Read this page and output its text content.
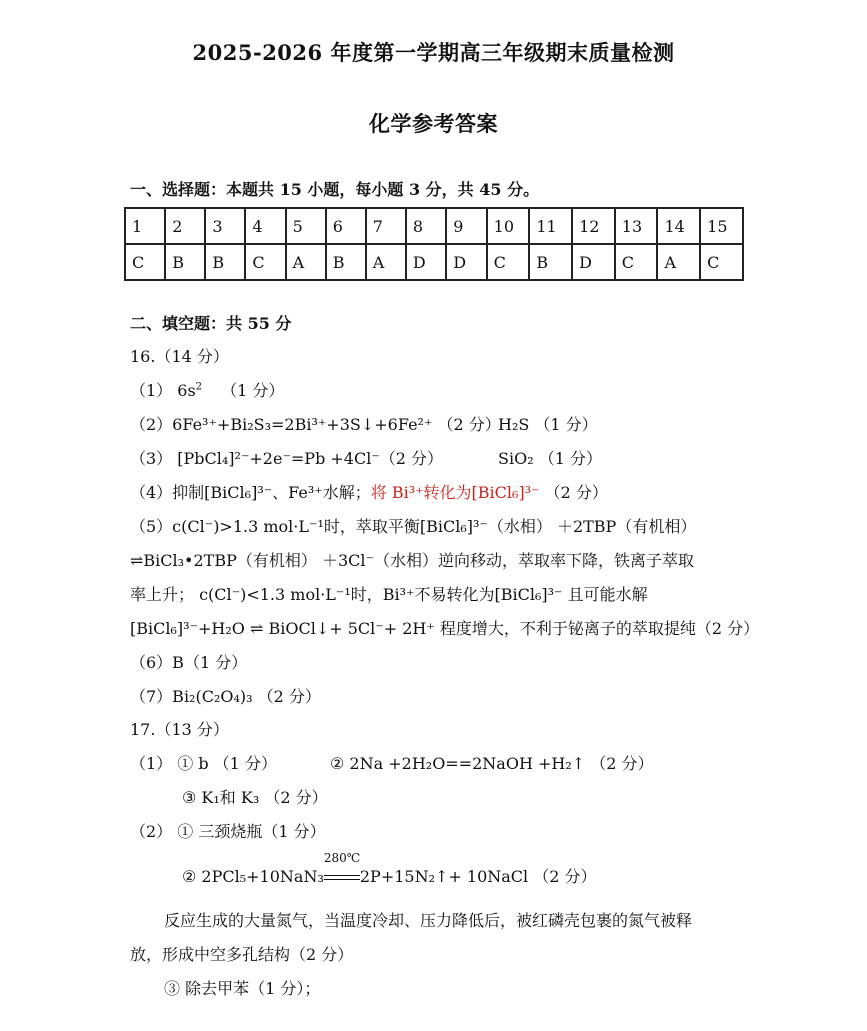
2025-2026 年度第一学期高三年级期末质量检测
化学参考答案
一、选择题：本题共 15 小题，每小题 3 分，共 45 分。
1	2	3	4	5	6	7	8	9	10	11	12	13	14	15
C	B	B	C	A	B	A	D	D	C	B	D	C	A	C
二、填空题：共 55 分
16.（14 分）
（1） $6s^2$ （1 分）
（2）6Fe³⁺+Bi₂S₃=2Bi³⁺+3S↓+6Fe²⁺ （2 分）
H₂S （1 分）
（3） [PbCl₄]²⁻+2e⁻=Pb +4Cl⁻（2 分）	SiO₂ （1 分）
（4）抑制[BiCl₆]³⁻、Fe³⁺水解；将 Bi³⁺转化为[BiCl₆]³⁻ （2 分）
（5）c(Cl⁻)>1.3 mol·L⁻¹时，萃取平衡[BiCl₆]³⁻（水相） ＋2TBP（有机相）
⇌BiCl₃•2TBP（有机相） ＋3Cl⁻（水相）逆向移动，萃取率下降，铁离子萃取
率上升； c(Cl⁻)<1.3 mol·L⁻¹时，Bi³⁺不易转化为[BiCl₆]³⁻ 且可能水解
[BiCl₆]³⁻+H₂O ⇌ BiOCl↓+ 5Cl⁻+ 2H⁺ 程度增大，不利于铋离子的萃取提纯（2 分）
（6）B（1 分）
（7）Bi₂(C₂O₄)₃ （2 分）
17.（13 分）
（1） ① b （1 分）	② 2Na +2H₂O==2NaOH +H₂↑ （2 分）
③ K₁和 K₃ （2 分）
（2） ① 三颈烧瓶（1 分）
② 2PCl₅+10NaN₃
280℃
2P+15N₂↑+ 10NaCl （2 分）
反应生成的大量氮气，当温度冷却、压力降低后，被红磷壳包裹的氮气被释
放，形成中空多孔结构（2 分）
③ 除去甲苯（1 分）；
